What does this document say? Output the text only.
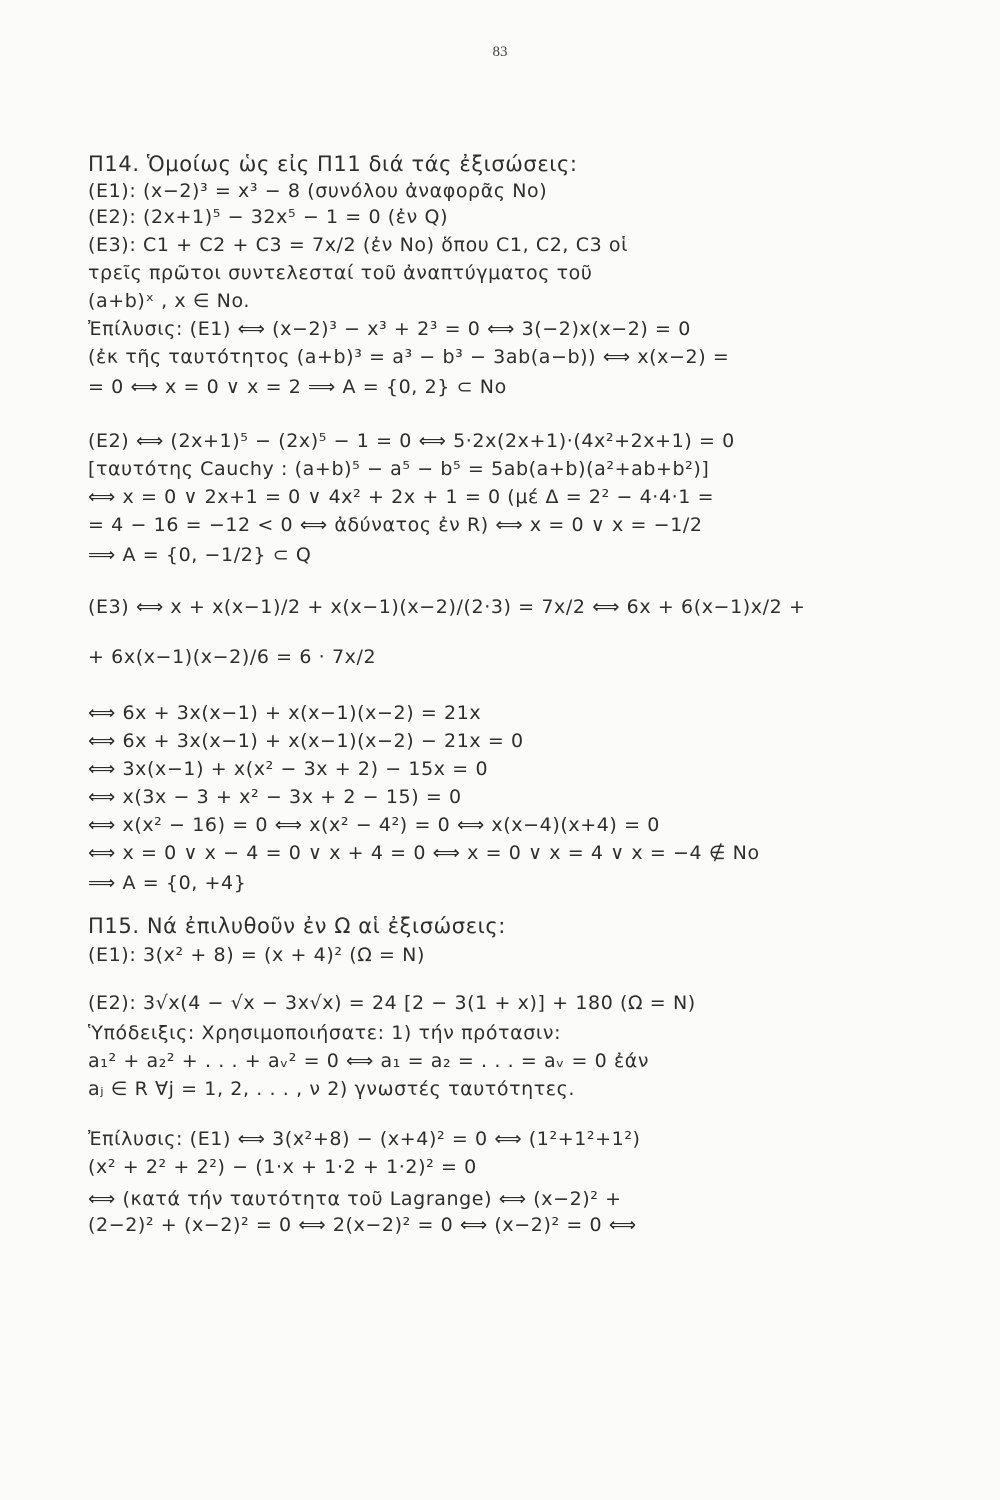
83
Π14. Ὁμοίως ὡς εἰς Π11 διά τάς ἐξισώσεις:
(E1): (x−2)³ = x³ − 8 (συνόλου ἀναφορᾶς No)
(E2): (2x+1)⁵ − 32x⁵ − 1 = 0 (ἐν Q)
(E3): C1 + C2 + C3 = 7x/2 (ἐν No) ὅπου C1, C2, C3 οἱ
τρεῖς πρῶτοι συντελεσταί τοῦ ἀναπτύγματος τοῦ
(a+b)ˣ , x ∈ No.
Ἐπίλυσις: (E1) ⟺ (x−2)³ − x³ + 2³ = 0 ⟺ 3(−2)x(x−2) = 0
(ἐκ τῆς ταυτότητος (a+b)³ = a³ − b³ − 3ab(a−b)) ⟺ x(x−2) =
= 0 ⟺ x = 0 ∨ x = 2 ⟹ A = {0, 2} ⊂ No
(E2) ⟺ (2x+1)⁵ − (2x)⁵ − 1 = 0 ⟺ 5·2x(2x+1)·(4x²+2x+1) = 0
[ταυτότης Cauchy : (a+b)⁵ − a⁵ − b⁵ = 5ab(a+b)(a²+ab+b²)]
⟺ x = 0 ∨ 2x+1 = 0 ∨ 4x² + 2x + 1 = 0 (μέ Δ = 2² − 4·4·1 =
= 4 − 16 = −12 < 0 ⟺ ἀδύνατος ἐν R) ⟺ x = 0 ∨ x = −1/2
⟹ A = {0, −1/2} ⊂ Q
(E3) ⟺ x + x(x−1)/2 + x(x−1)(x−2)/(2·3) = 7x/2 ⟺ 6x + 6(x−1)x/2 +
+ 6x(x−1)(x−2)/6 = 6 · 7x/2
⟺ 6x + 3x(x−1) + x(x−1)(x−2) = 21x
⟺ 6x + 3x(x−1) + x(x−1)(x−2) − 21x = 0
⟺ 3x(x−1) + x(x² − 3x + 2) − 15x = 0
⟺ x(3x − 3 + x² − 3x + 2 − 15) = 0
⟺ x(x² − 16) = 0 ⟺ x(x² − 4²) = 0 ⟺ x(x−4)(x+4) = 0
⟺ x = 0 ∨ x − 4 = 0 ∨ x + 4 = 0 ⟺ x = 0 ∨ x = 4 ∨ x = −4 ∉ No
⟹ A = {0, +4}
Π15. Νά ἐπιλυθοῦν ἐν Ω αἱ ἐξισώσεις:
(E1): 3(x² + 8) = (x + 4)² (Ω = N)
(E2): 3√x(4 − √x − 3x√x) = 24 [2 − 3(1 + x)] + 180 (Ω = N)
Ὑπόδειξις: Χρησιμοποιήσατε: 1) τήν πρότασιν:
a₁² + a₂² + . . . + aᵥ² = 0 ⟺ a₁ = a₂ = . . . = aᵥ = 0 ἐάν
aⱼ ∈ R ∀j = 1, 2, . . . , ν 2) γνωστές ταυτότητες.
Ἐπίλυσις: (E1) ⟺ 3(x²+8) − (x+4)² = 0 ⟺ (1²+1²+1²)
(x² + 2² + 2²) − (1·x + 1·2 + 1·2)² = 0
⟺ (κατά τήν ταυτότητα τοῦ Lagrange) ⟺ (x−2)² +
(2−2)² + (x−2)² = 0 ⟺ 2(x−2)² = 0 ⟺ (x−2)² = 0 ⟺
